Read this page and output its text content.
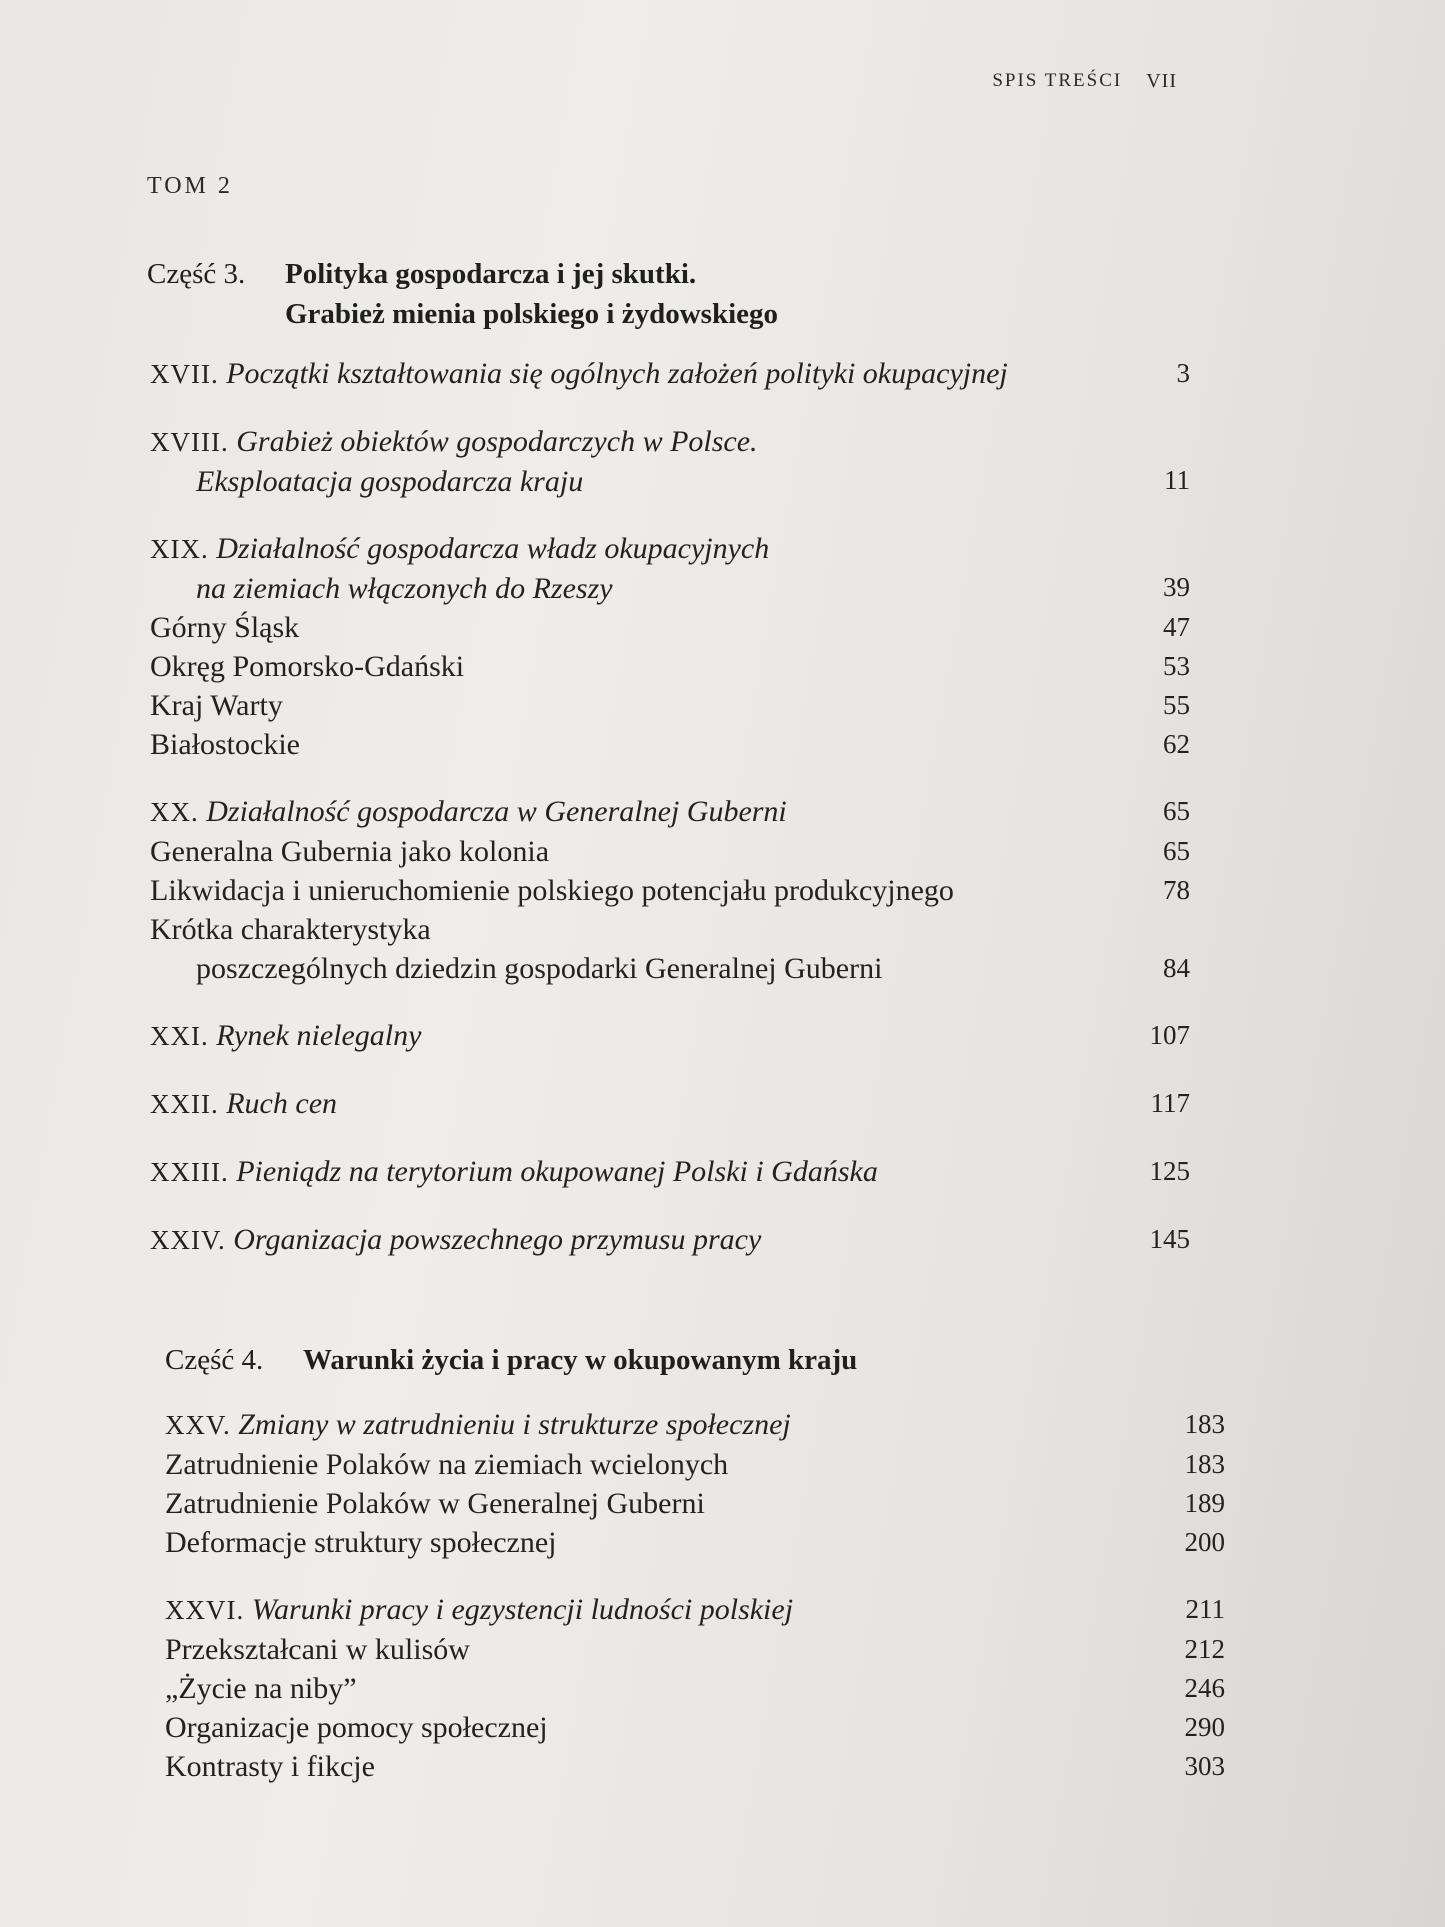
SPIS TREŚCI VII
TOM 2
Część 3.	Polityka gospodarcza i jej skutki.
Grabież mienia polskiego i żydowskiego
XVII. Początki kształtowania się ogólnych założeń polityki okupacyjnej	3
XVIII. Grabież obiektów gospodarczych w Polsce.
Eksploatacja gospodarcza kraju	11
XIX. Działalność gospodarcza władz okupacyjnych
na ziemiach włączonych do Rzeszy	39
Górny Śląsk	47
Okręg Pomorsko-Gdański	53
Kraj Warty	55
Białostockie	62
XX. Działalność gospodarcza w Generalnej Guberni	65
Generalna Gubernia jako kolonia	65
Likwidacja i unieruchomienie polskiego potencjału produkcyjnego	78
Krótka charakterystyka
poszczególnych dziedzin gospodarki Generalnej Guberni	84
XXI. Rynek nielegalny	107
XXII. Ruch cen	117
XXIII. Pieniądz na terytorium okupowanej Polski i Gdańska	125
XXIV. Organizacja powszechnego przymusu pracy	145
Część 4.	Warunki życia i pracy w okupowanym kraju
XXV. Zmiany w zatrudnieniu i strukturze społecznej	183
Zatrudnienie Polaków na ziemiach wcielonych	183
Zatrudnienie Polaków w Generalnej Guberni	189
Deformacje struktury społecznej	200
XXVI. Warunki pracy i egzystencji ludności polskiej	211
Przekształcani w kulisów	212
„Życie na niby”	246
Organizacje pomocy społecznej	290
Kontrasty i fikcje	303
